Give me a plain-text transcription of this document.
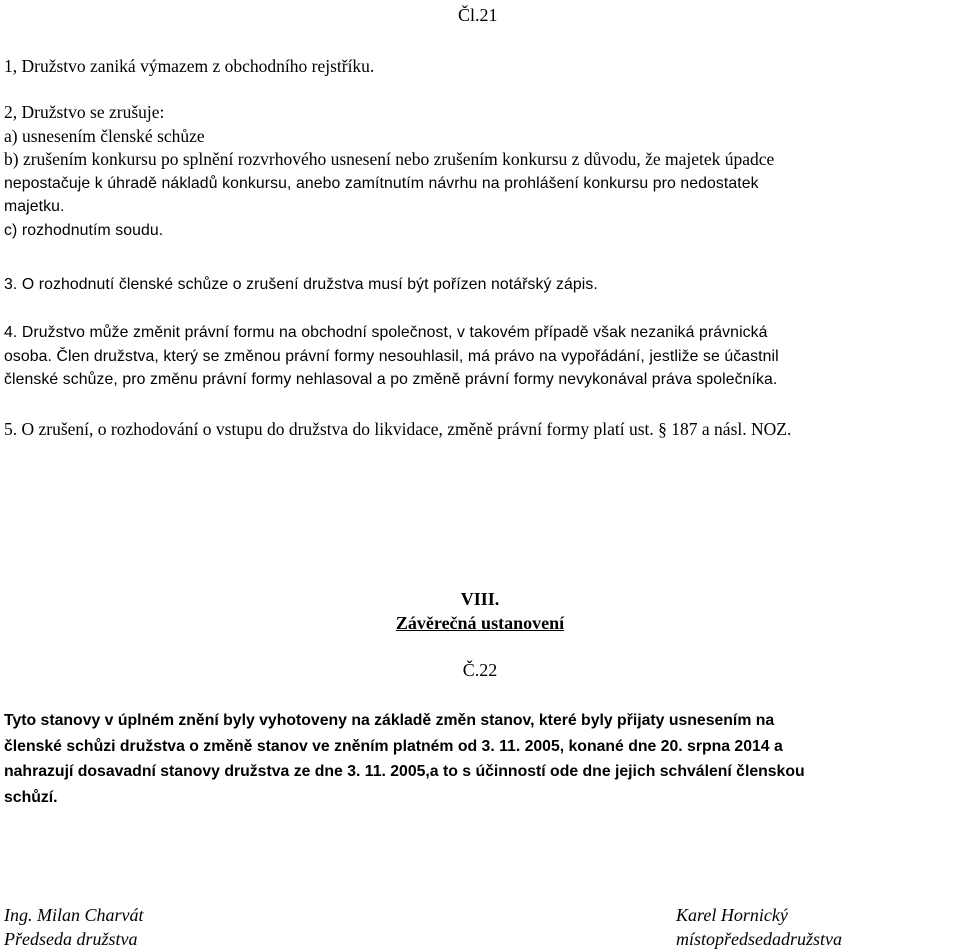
Čl.21

1, Družstvo zaniká výmazem z obchodního rejstříku.

2, Družstvo se zrušuje:

a) usnesením členské schůze

b) zrušením konkursu po splnění rozvrhového usnesení nebo zrušením konkursu z důvodu, že majetek úpadce

nepostačuje k úhradě nákladů konkursu, anebo zamítnutím návrhu na prohlášení konkursu pro nedostatek

majetku.

c) rozhodnutím soudu.

3. O rozhodnutí členské schůze o zrušení družstva musí být pořízen notářský zápis.

4. Družstvo může změnit právní formu na obchodní společnost, v takovém případě však nezaniká právnická

osoba. Člen družstva, který se změnou právní formy nesouhlasil, má právo na vypořádání, jestliže se účastnil

členské schůze, pro změnu právní formy nehlasoval a po změně právní formy nevykonával práva společníka.

5. O zrušení, o rozhodování o vstupu do družstva do likvidace, změně právní formy platí ust. § 187 a násl. NOZ.

VIII.

Závěrečná ustanovení

Č.22

Tyto stanovy v úplném znění byly vyhotoveny na základě změn stanov, které byly přijaty usnesením na

členské schůzi družstva o změně stanov ve zněním platném od 3. 11. 2005, konané dne 20. srpna 2014 a

nahrazují dosavadní stanovy družstva ze dne 3. 11. 2005,a to s účinností ode dne jejich schválení členskou

schůzí.

Ing. Milan Charvát
Předseda družstva
Karel Hornický
místopředsedadružstva
